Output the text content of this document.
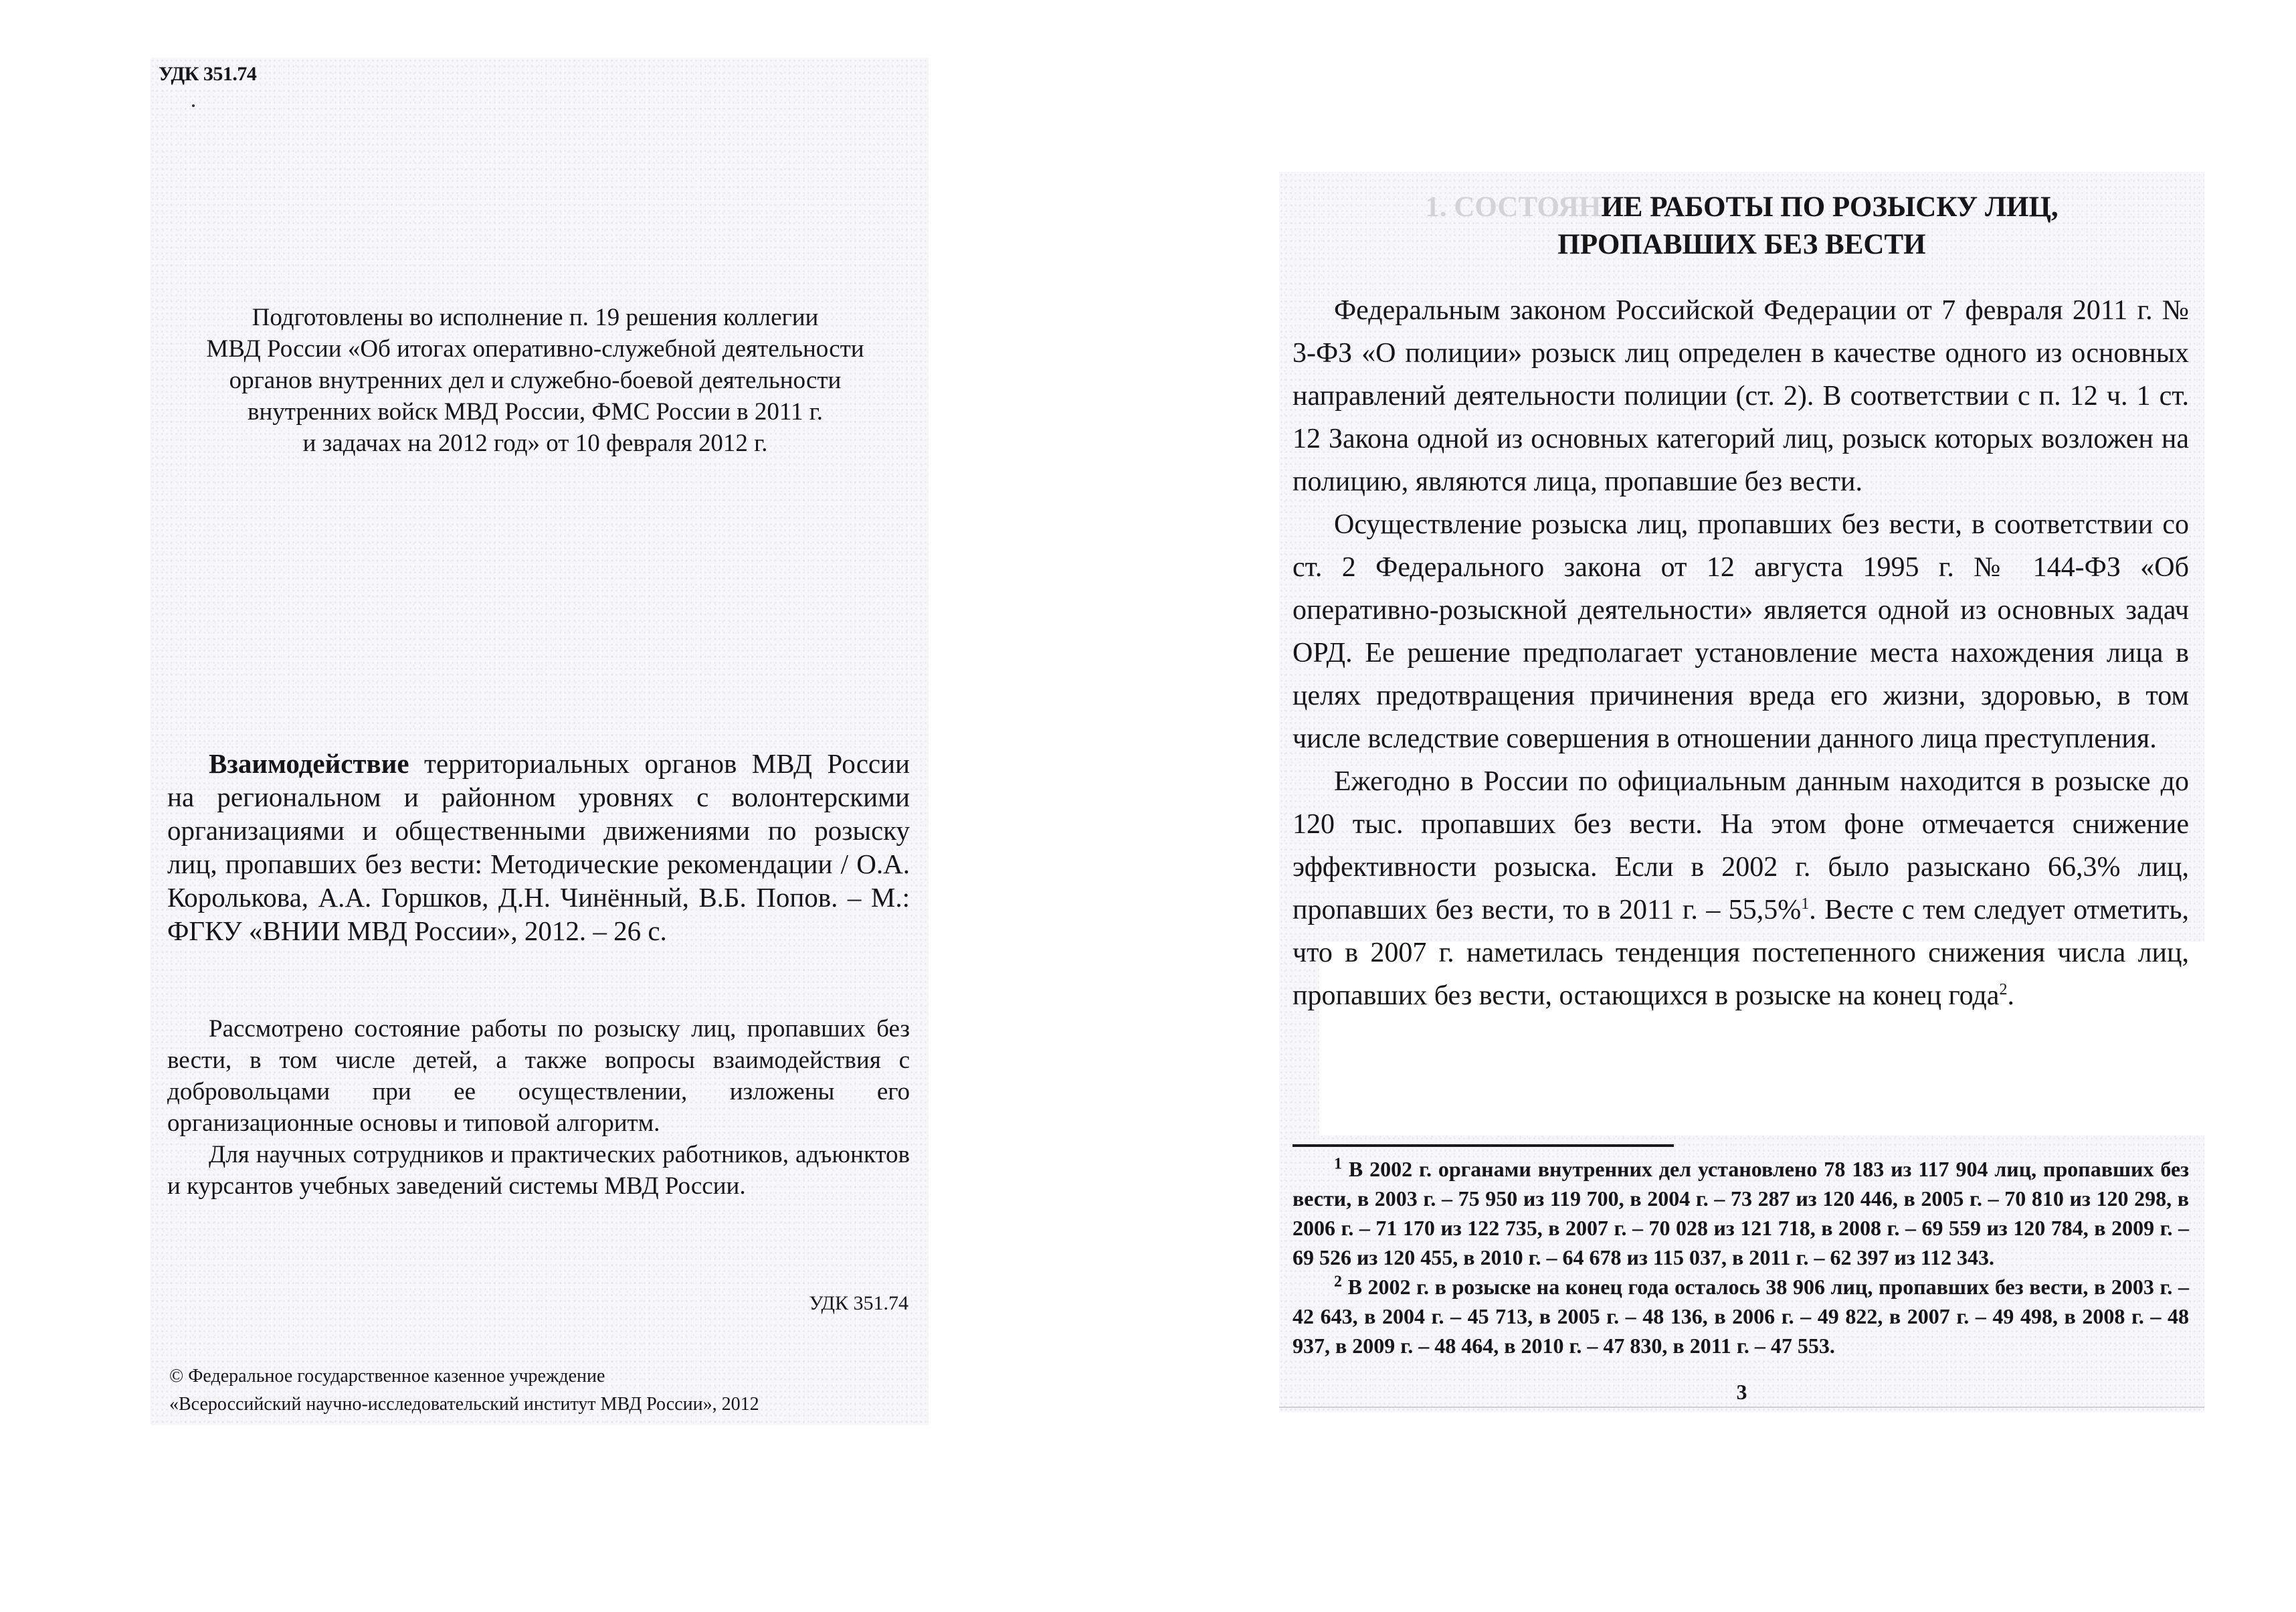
УДК 351.74
Подготовлены во исполнение п. 19 решения коллегии
МВД России «Об итогах оперативно-служебной деятельности
органов внутренних дел и служебно-боевой деятельности
внутренних войск МВД России, ФМС России в 2011 г.
и задачах на 2012 год» от 10 февраля 2012 г.
Взаимодействие территориальных органов МВД России на региональном и районном уровнях с волонтерскими организациями и общественными движениями по розыску лиц, пропавших без вести: Методические рекомендации / О.А. Королькова, А.А. Горшков, Д.Н. Чинённый, В.Б. Попов. – М.: ФГКУ «ВНИИ МВД России», 2012. – 26 с.

Рассмотрено состояние работы по розыску лиц, пропавших без вести, в том числе детей, а также вопросы взаимодействия с добровольцами при ее осуществлении, изложены его организационные основы и типовой алгоритм.

Для научных сотрудников и практических работников, адъюнктов и курсантов учебных заведений системы МВД России.

УДК 351.74
© Федеральное государственное казенное учреждение
«Всероссийский научно-исследовательский институт МВД России», 2012
1. СОСТОЯНИЕ РАБОТЫ ПО РОЗЫСКУ ЛИЦ,
ПРОПАВШИХ БЕЗ ВЕСТИ

Федеральным законом Российской Федерации от 7 февраля 2011 г. № 3-ФЗ «О полиции» розыск лиц определен в качестве одного из основных направлений деятельности полиции (ст. 2). В соответствии с п. 12 ч. 1 ст. 12 Закона одной из основных категорий лиц, розыск которых возложен на полицию, являются лица, пропавшие без вести.

Осуществление розыска лиц, пропавших без вести, в соответствии со ст. 2 Федерального закона от 12 августа 1995 г. № 144-ФЗ «Об оперативно-розыскной деятельности» является одной из основных задач ОРД. Ее решение предполагает установление места нахождения лица в целях предотвращения причинения вреда его жизни, здоровью, в том числе вследствие совершения в отношении данного лица преступления.

Ежегодно в России по официальным данным находится в розыске до 120 тыс. пропавших без вести. На этом фоне отмечается снижение эффективности розыска. Если в 2002 г. было разыскано 66,3% лиц, пропавших без вести, то в 2011 г. – 55,5%$^1$. Весте с тем следует отметить, что в 2007 г. наметилась тенденция постепенного снижения числа лиц, пропавших без вести, остающихся в розыске на конец года$^2$.

$^1$ В 2002 г. органами внутренних дел установлено 78 183 из 117 904 лиц, пропавших без вести, в 2003 г. – 75 950 из 119 700, в 2004 г. – 73 287 из 120 446, в 2005 г. – 70 810 из 120 298, в 2006 г. – 71 170 из 122 735, в 2007 г. – 70 028 из 121 718, в 2008 г. – 69 559 из 120 784, в 2009 г. – 69 526 из 120 455, в 2010 г. – 64 678 из 115 037, в 2011 г. – 62 397 из 112 343.

$^2$ В 2002 г. в розыске на конец года осталось 38 906 лиц, пропавших без вести, в 2003 г. – 42 643, в 2004 г. – 45 713, в 2005 г. – 48 136, в 2006 г. – 49 822, в 2007 г. – 49 498, в 2008 г. – 48 937, в 2009 г. – 48 464, в 2010 г. – 47 830, в 2011 г. – 47 553.

3
